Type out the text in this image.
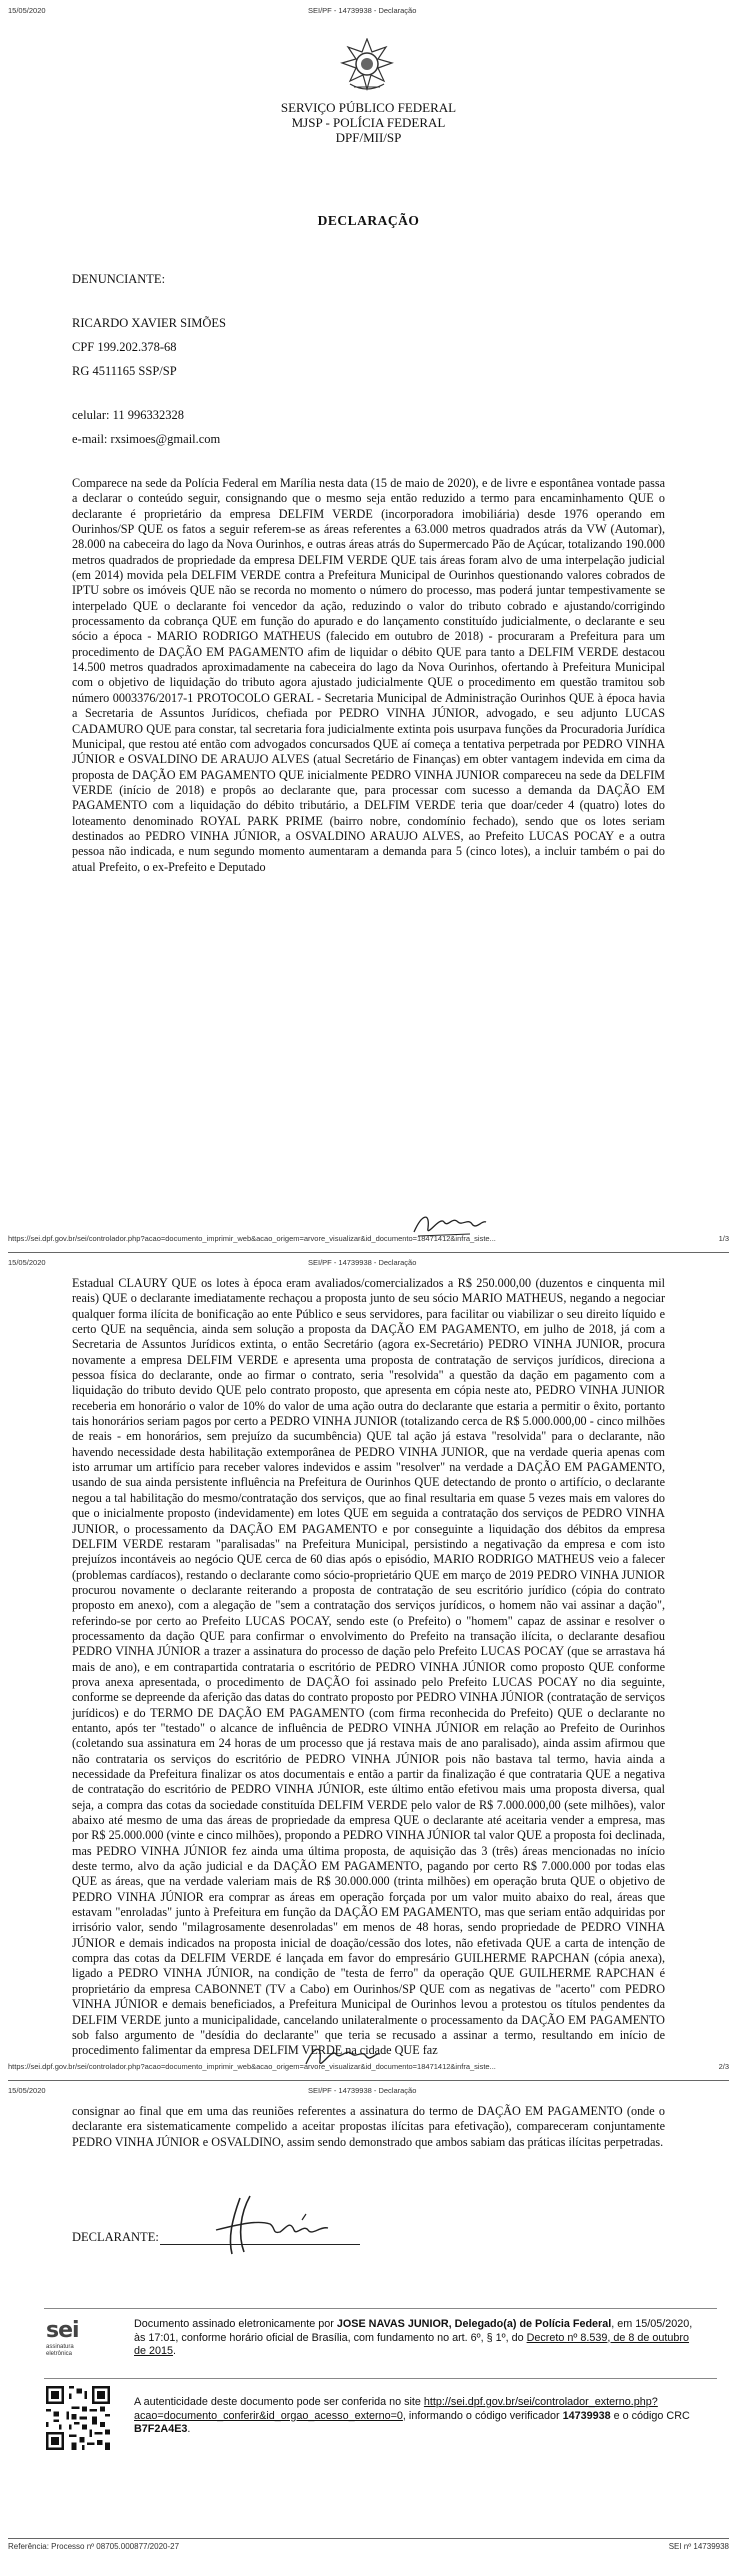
15/05/2020	SEI/PF - 14739938 - Declaração
SERVIÇO PÚBLICO FEDERAL
MJSP - POLÍCIA FEDERAL
DPF/MII/SP
DECLARAÇÃO
DENUNCIANTE:
RICARDO XAVIER SIMÕES
CPF 199.202.378-68
RG 4511165 SSP/SP
celular: 11 996332328
e-mail: rxsimoes@gmail.com
Comparece na sede da Polícia Federal em Marília nesta data (15 de maio de 2020), e de livre e espontânea vontade passa a declarar o conteúdo seguir, consignando que o mesmo seja então reduzido a termo para encaminhamento QUE o declarante é proprietário da empresa DELFIM VERDE (incorporadora imobiliária) desde 1976 operando em Ourinhos/SP QUE os fatos a seguir referem-se as áreas referentes a 63.000 metros quadrados atrás da VW (Automar), 28.000 na cabeceira do lago da Nova Ourinhos, e outras áreas atrás do Supermercado Pão de Açúcar, totalizando 190.000 metros quadrados de propriedade da empresa DELFIM VERDE QUE tais áreas foram alvo de uma interpelação judicial (em 2014) movida pela DELFIM VERDE contra a Prefeitura Municipal de Ourinhos questionando valores cobrados de IPTU sobre os imóveis QUE não se recorda no momento o número do processo, mas poderá juntar tempestivamente se interpelado QUE o declarante foi vencedor da ação, reduzindo o valor do tributo cobrado e ajustando/corrigindo processamento da cobrança QUE em função do apurado e do lançamento constituído judicialmente, o declarante e seu sócio a época - MARIO RODRIGO MATHEUS (falecido em outubro de 2018) - procuraram a Prefeitura para um procedimento de DAÇÃO EM PAGAMENTO afim de liquidar o débito QUE para tanto a DELFIM VERDE destacou 14.500 metros quadrados aproximadamente na cabeceira do lago da Nova Ourinhos, ofertando à Prefeitura Municipal com o objetivo de liquidação do tributo agora ajustado judicialmente QUE o procedimento em questão tramitou sob número 0003376/2017-1 PROTOCOLO GERAL - Secretaria Municipal de Administração Ourinhos QUE à época havia a Secretaria de Assuntos Jurídicos, chefiada por PEDRO VINHA JÚNIOR, advogado, e seu adjunto LUCAS CADAMURO QUE para constar, tal secretaria fora judicialmente extinta pois usurpava funções da Procuradoria Jurídica Municipal, que restou até então com advogados concursados QUE aí começa a tentativa perpetrada por PEDRO VINHA JÚNIOR e OSVALDINO DE ARAUJO ALVES (atual Secretário de Finanças) em obter vantagem indevida em cima da proposta de DAÇÃO EM PAGAMENTO QUE inicialmente PEDRO VINHA JUNIOR compareceu na sede da DELFIM VERDE (início de 2018) e propôs ao declarante que, para processar com sucesso a demanda da DAÇÃO EM PAGAMENTO com a liquidação do débito tributário, a DELFIM VERDE teria que doar/ceder 4 (quatro) lotes do loteamento denominado ROYAL PARK PRIME (bairro nobre, condomínio fechado), sendo que os lotes seriam destinados ao PEDRO VINHA JÚNIOR, a OSVALDINO ARAUJO ALVES, ao Prefeito LUCAS POCAY e a outra pessoa não indicada, e num segundo momento aumentaram a demanda para 5 (cinco lotes), a incluir também o pai do atual Prefeito, o ex-Prefeito e Deputado
https://sei.dpf.gov.br/sei/controlador.php?acao=documento_imprimir_web&acao_origem=arvore_visualizar&id_documento=18471412&infra_siste...	1/3
15/05/2020	SEI/PF - 14739938 - Declaração
Estadual CLAURY QUE os lotes à época eram avaliados/comercializados a R$ 250.000,00 (duzentos e cinquenta mil reais) QUE o declarante imediatamente rechaçou a proposta junto de seu sócio MARIO MATHEUS, negando a negociar qualquer forma ilícita de bonificação ao ente Público e seus servidores, para facilitar ou viabilizar o seu direito líquido e certo QUE na sequência, ainda sem solução a proposta da DAÇÃO EM PAGAMENTO, em julho de 2018, já com a Secretaria de Assuntos Jurídicos extinta, o então Secretário (agora ex-Secretário) PEDRO VINHA JUNIOR, procura novamente a empresa DELFIM VERDE e apresenta uma proposta de contratação de serviços jurídicos, direciona a pessoa física do declarante, onde ao firmar o contrato, seria "resolvida" a questão da dação em pagamento com a liquidação do tributo devido QUE pelo contrato proposto, que apresenta em cópia neste ato, PEDRO VINHA JUNIOR receberia em honorário o valor de 10% do valor de uma ação outra do declarante que estaria a permitir o êxito, portanto tais honorários seriam pagos por certo a PEDRO VINHA JUNIOR (totalizando cerca de R$ 5.000.000,00 - cinco milhões de reais - em honorários, sem prejuízo da sucumbência) QUE tal ação já estava "resolvida" para o declarante, não havendo necessidade desta habilitação extemporânea de PEDRO VINHA JUNIOR, que na verdade queria apenas com isto arrumar um artifício para receber valores indevidos e assim "resolver" na verdade a DAÇÃO EM PAGAMENTO, usando de sua ainda persistente influência na Prefeitura de Ourinhos QUE detectando de pronto o artifício, o declarante negou a tal habilitação do mesmo/contratação dos serviços, que ao final resultaria em quase 5 vezes mais em valores do que o inicialmente proposto (indevidamente) em lotes QUE em seguida a contratação dos serviços de PEDRO VINHA JUNIOR, o processamento da DAÇÃO EM PAGAMENTO e por conseguinte a liquidação dos débitos da empresa DELFIM VERDE restaram "paralisadas" na Prefeitura Municipal, persistindo a negativação da empresa e com isto prejuízos incontáveis ao negócio QUE cerca de 60 dias após o episódio, MARIO RODRIGO MATHEUS veio a falecer (problemas cardíacos), restando o declarante como sócio-proprietário QUE em março de 2019 PEDRO VINHA JUNIOR procurou novamente o declarante reiterando a proposta de contratação de seu escritório jurídico (cópia do contrato proposto em anexo), com a alegação de "sem a contratação dos serviços jurídicos, o homem não vai assinar a dação", referindo-se por certo ao Prefeito LUCAS POCAY, sendo este (o Prefeito) o "homem" capaz de assinar e resolver o processamento da dação QUE para confirmar o envolvimento do Prefeito na transação ilícita, o declarante desafiou PEDRO VINHA JÚNIOR a trazer a assinatura do processo de dação pelo Prefeito LUCAS POCAY (que se arrastava há mais de ano), e em contrapartida contrataria o escritório de PEDRO VINHA JÚNIOR como proposto QUE conforme prova anexa apresentada, o procedimento de DAÇÃO foi assinado pelo Prefeito LUCAS POCAY no dia seguinte, conforme se depreende da aferição das datas do contrato proposto por PEDRO VINHA JÚNIOR (contratação de serviços jurídicos) e do TERMO DE DAÇÃO EM PAGAMENTO (com firma reconhecida do Prefeito) QUE o declarante no entanto, após ter "testado" o alcance de influência de PEDRO VINHA JÚNIOR em relação ao Prefeito de Ourinhos (coletando sua assinatura em 24 horas de um processo que já restava mais de ano paralisado), ainda assim afirmou que não contrataria os serviços do escritório de PEDRO VINHA JÚNIOR pois não bastava tal termo, havia ainda a necessidade da Prefeitura finalizar os atos documentais e então a partir da finalização é que contrataria QUE a negativa de contratação do escritório de PEDRO VINHA JÚNIOR, este último então efetivou mais uma proposta diversa, qual seja, a compra das cotas da sociedade constituída DELFIM VERDE pelo valor de R$ 7.000.000,00 (sete milhões), valor abaixo até mesmo de uma das áreas de propriedade da empresa QUE o declarante até aceitaria vender a empresa, mas por R$ 25.000.000 (vinte e cinco milhões), propondo a PEDRO VINHA JÚNIOR tal valor QUE a proposta foi declinada, mas PEDRO VINHA JÚNIOR fez ainda uma última proposta, de aquisição das 3 (três) áreas mencionadas no início deste termo, alvo da ação judicial e da DAÇÃO EM PAGAMENTO, pagando por certo R$ 7.000.000 por todas elas QUE as áreas, que na verdade valeriam mais de R$ 30.000.000 (trinta milhões) em operação bruta QUE o objetivo de PEDRO VINHA JÚNIOR era comprar as áreas em operação forçada por um valor muito abaixo do real, áreas que estavam "enroladas" junto à Prefeitura em função da DAÇÃO EM PAGAMENTO, mas que seriam então adquiridas por irrisório valor, sendo "milagrosamente desenroladas" em menos de 48 horas, sendo propriedade de PEDRO VINHA JÚNIOR e demais indicados na proposta inicial de doação/cessão dos lotes, não efetivada QUE a carta de intenção de compra das cotas da DELFIM VERDE é lançada em favor do empresário GUILHERME RAPCHAN (cópia anexa), ligado a PEDRO VINHA JÚNIOR, na condição de "testa de ferro" da operação QUE GUILHERME RAPCHAN é proprietário da empresa CABONNET (TV a Cabo) em Ourinhos/SP QUE com as negativas de "acerto" com PEDRO VINHA JÚNIOR e demais beneficiados, a Prefeitura Municipal de Ourinhos levou a protestou os títulos pendentes da DELFIM VERDE junto a municipalidade, cancelando unilateralmente o processamento da DAÇÃO EM PAGAMENTO sob falso argumento de "desídia do declarante" que teria se recusado a assinar a termo, resultando em início de procedimento falimentar da empresa DELFIM VERDE na cidade QUE faz
https://sei.dpf.gov.br/sei/controlador.php?acao=documento_imprimir_web&acao_origem=arvore_visualizar&id_documento=18471412&infra_siste...	2/3
15/05/2020	SEI/PF - 14739938 - Declaração
consignar ao final que em uma das reuniões referentes a assinatura do termo de DAÇÃO EM PAGAMENTO (onde o declarante era sistematicamente compelido a aceitar propostas ilícitas para efetivação), compareceram conjuntamente PEDRO VINHA JÚNIOR e OSVALDINO, assim sendo demonstrado que ambos sabiam das práticas ilícitas perpetradas.
DECLARANTE:
sei
assinatura eletrônica
Documento assinado eletronicamente por JOSE NAVAS JUNIOR, Delegado(a) de Polícia Federal, em 15/05/2020, às 17:01, conforme horário oficial de Brasília, com fundamento no art. 6º, § 1º, do Decreto nº 8.539, de 8 de outubro de 2015.
A autenticidade deste documento pode ser conferida no site http://sei.dpf.gov.br/sei/controlador_externo.php?acao=documento_conferir&id_orgao_acesso_externo=0, informando o código verificador 14739938 e o código CRC B7F2A4E3.
Referência: Processo nº 08705.000877/2020-27	SEI nº 14739938
